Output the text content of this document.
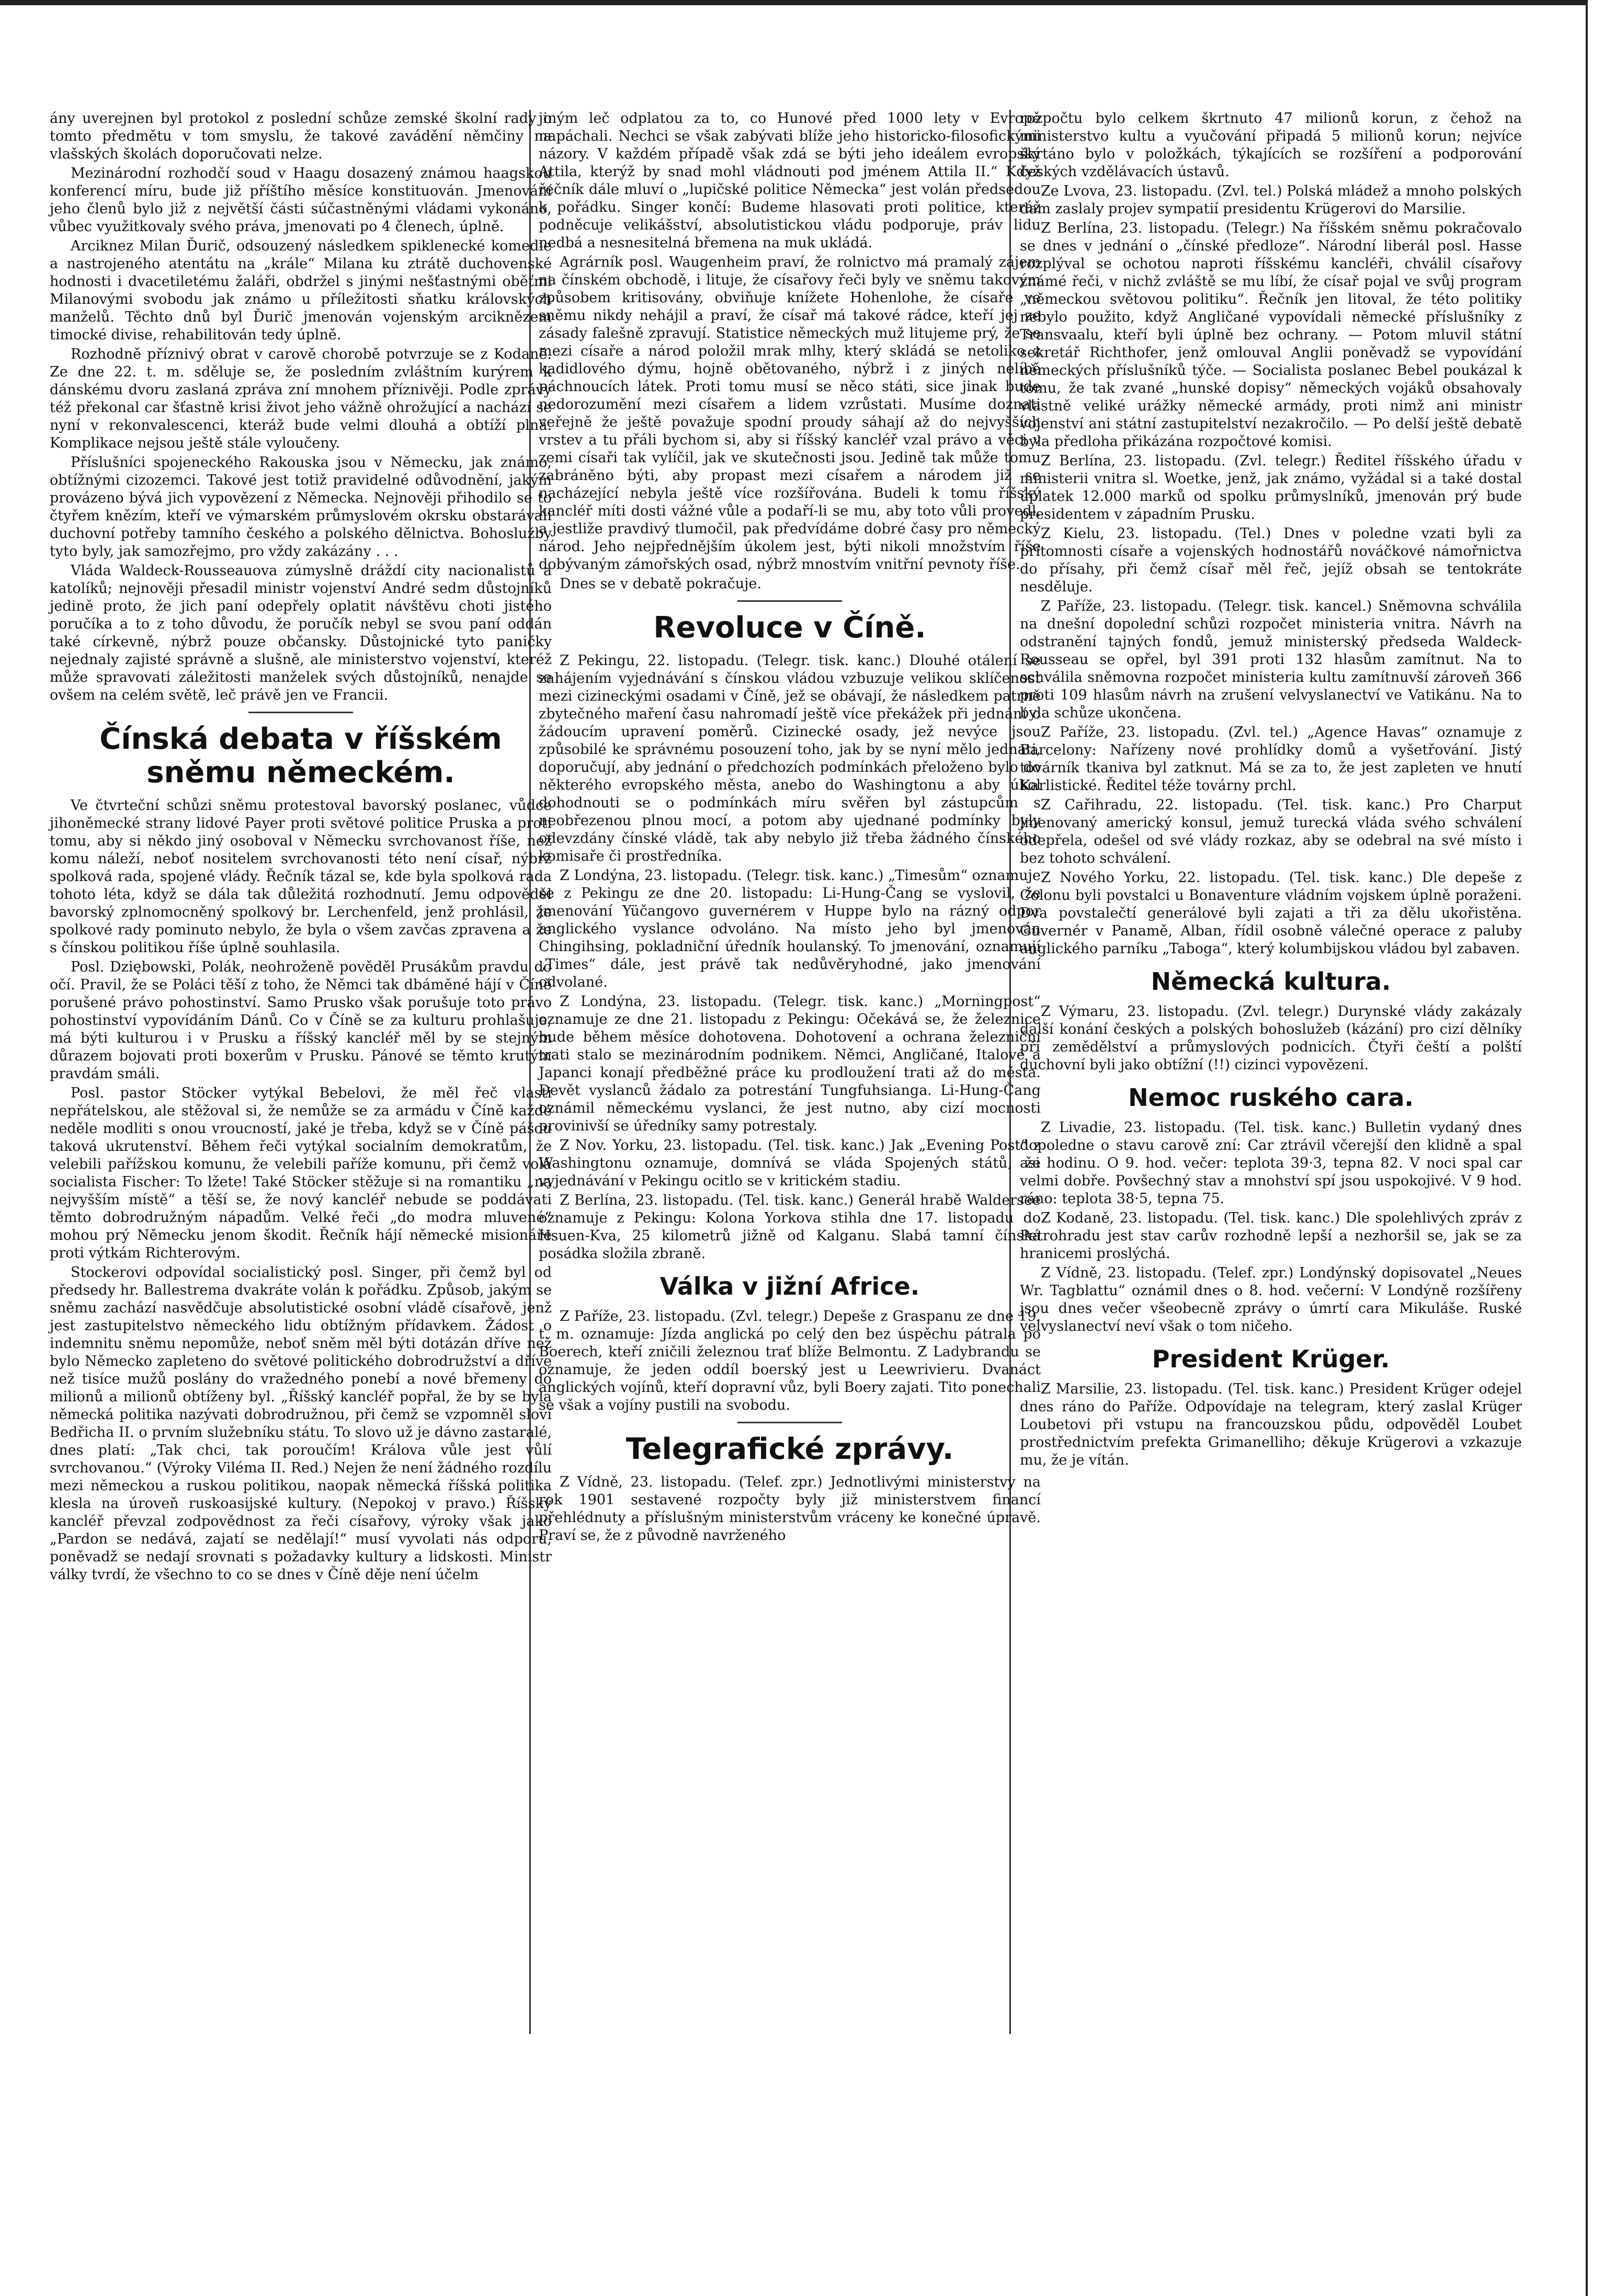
ány uverejnen byl protokol z poslední schůze zemské školní rady o tomto předmětu v tom smyslu, že takové zavádění němčiny na vlašských školách doporučovati nelze.

Mezinárodní rozhodčí soud v Haagu dosazený známou haagskou konferencí míru, bude již příštího měsíce konstituován. Jmenování jeho členů bylo již z největší části súčastněnými vládami vykonáno, vůbec využitkovaly svého práva, jmenovati po 4 členech, úplně.

Arciknez Milan Ďurič, odsouzený následkem spiklenecké komedie a nastrojeného atentátu na „krále“ Milana ku ztrátě duchovenské hodnosti i dvacetiletému žaláři, obdržel s jinými nešťastnými oběťmi Milanovými svobodu jak známo u příležitosti sňatku královských manželů. Těchto dnů byl Ďurič jmenován vojenským arciknězem timocké divise, rehabilitován tedy úplně.

Rozhodně příznivý obrat v carově chorobě potvrzuje se z Kodaně. Ze dne 22. t. m. sděluje se, že posledním zvláštním kurýrem k dánskému dvoru zaslaná zpráva zní mnohem příznivěji. Podle zprávy též překonal car šťastně krisi život jeho vážně ohrožující a nachází se nyní v rekonvalescenci, kteráž bude velmi dlouhá a obtíží plná. Komplikace nejsou ještě stále vyloučeny.

Příslušníci spojeneckého Rakouska jsou v Německu, jak známo, obtížnými cizozemci. Takové jest totiž pravidelné odůvodnění, jakým provázeno bývá jich vypovězení z Německa. Nejnověji přihodilo se to čtyřem knězím, kteří ve výmarském průmyslovém okrsku obstarávali duchovní potřeby tamního českého a polského dělnictva. Bohoslužby tyto byly, jak samozřejmo, pro vždy zakázány . . .

Vláda Waldeck-Rousseauova zúmyslně dráždí city nacionalistů a katolíků; nejnověji přesadil ministr vojenství André sedm důstojníků jedině proto, že jich paní odepřely oplatit návštěvu choti jistého poručíka a to z toho důvodu, že poručík nebyl se svou paní oddán také církevně, nýbrž pouze občansky. Důstojnické tyto paničky nejednaly zajisté správně a slušně, ale ministerstvo vojenství, kteréž může spravovati záležitosti manželek svých důstojníků, nenajde se ovšem na celém světě, leč právě jen ve Francii.

Čínská debata v říšském sněmu německém.

Ve čtvrteční schůzi sněmu protestoval bavorský poslanec, vůdce jihoněmecké strany lidové Payer proti světové politice Pruska a proti tomu, aby si někdo jiný osoboval v Německu svrchovanost říše, než komu náleží, neboť nositelem svrchovanosti této není císař, nýbrž spolková rada, spojené vlády. Řečník tázal se, kde byla spolková rada tohoto léta, když se dála tak důležitá rozhodnutí. Jemu odpověděl bavorský zplnomocněný spolkový br. Lerchenfeld, jenž prohlásil, že spolkové rady pominuto nebylo, že byla o všem zavčas zpravena a že s čínskou politikou říše úplně souhlasila.

Posl. Dziębowski, Polák, neohroženě pověděl Prusákům pravdu do očí. Pravil, že se Poláci těší z toho, že Němci tak dbáměné hájí v Číně porušené právo pohostinství. Samo Prusko však porušuje toto právo pohostinství vypovídáním Dánů. Co v Číně se za kulturu prohlašuje, má býti kulturou i v Prusku a říšský kancléř měl by se stejným důrazem bojovati proti boxerům v Prusku. Pánové se těmto krutým pravdám smáli.

Posl. pastor Stöcker vytýkal Bebelovi, že měl řeč vlasti nepřátelskou, ale stěžoval si, že nemůže se za armádu v Číně každé neděle modliti s onou vroucností, jaké je třeba, když se v Číně pášou taková ukrutenství. Během řeči vytýkal socialním demokratům, že velebili pařížskou komunu, že velebili paříže komunu, při čemž volá socialista Fischer: To lžete! Také Stöcker stěžuje si na romantiku „na nejvyšším místě“ a těší se, že nový kancléř nebude se poddávati těmto dobrodružným nápadům. Velké řeči „do modra mluvené“ mohou prý Německu jenom škodit. Řečník hájí německé misionáře proti výtkám Richterovým.

Stockerovi odpovídal socialistický posl. Singer, při čemž byl od předsedy hr. Ballestrema dvakráte volán k pořádku. Způsob, jakým se sněmu zachází nasvědčuje absolutistické osobní vládě císařově, jenž jest zastupitelstvo německého lidu obtížným přídavkem. Žádost o indemnitu sněmu nepomůže, neboť sněm měl býti dotázán dříve než bylo Německo zapleteno do světové politického dobrodružství a dříve než tisíce mužů poslány do vražedného ponebí a nové břemeny do milionů a milionů obtíženy byl. „Říšský kancléř popřal, že by se byla německá politika nazývati dobrodružnou, při čemž se vzpomněl sloví Bedřicha II. o prvním služebníku státu. To slovo už je dávno zastaralé, dnes platí: „Tak chci, tak poroučím! Králova vůle jest vůlí svrchovanou.“ (Výroky Viléma II. Red.) Nejen že není žádného rozdílu mezi německou a ruskou politikou, naopak německá říšská politika klesla na úroveň ruskoasijské kultury. (Nepokoj v pravo.) Říšský kancléř převzal zodpovědnost za řeči císařovy, výroky však jako „Pardon se nedává, zajatí se nedělají!“ musí vyvolati nás odporu, poněvadž se nedají srovnati s požadavky kultury a lidskosti. Ministr války tvrdí, že všechno to co se dnes v Číně děje není účelm

jiným leč odplatou za to, co Hunové před 1000 lety v Evropě napáchali. Nechci se však zabývati blíže jeho historicko-filosofickými názory. V každém případě však zdá se býti jeho ideálem evropský Attila, kterýž by snad mohl vládnouti pod jménem Attila II.“ Když řečník dále mluví o „lupičské politice Německa“ jest volán předsedou k pořádku. Singer končí: Budeme hlasovati proti politice, kteráž podněcuje velikášství, absolutistickou vládu podporuje, práv lidu nedbá a nesnesitelná břemena na muk ukládá.

Agrárník posl. Waugenheim praví, že rolnictvo má pramalý zájem na čínském obchodě, i lituje, že císařovy řeči byly ve sněmu takovým způsobem kritisovány, obviňuje knížete Hohenlohe, že císaře ve sněmu nikdy nehájil a praví, že císař má takové rádce, kteří jej ze zásady falešně zpravují. Statistice německých muž litujeme prý, že se mezi císaře a národ položil mrak mlhy, který skládá se netoliko z kadidlového dýmu, hojně obětovaného, nýbrž i z jiných nelíbě páchnoucích látek. Proti tomu musí se něco státi, sice jinak bude nedorozumění mezi císařem a lidem vzrůstati. Musíme doznati veřejně že ještě považuje spodní proudy sáhají až do nejvyšších vrstev a tu přáli bychom si, aby si říšský kancléř vzal právo a věci v zemi císaři tak vylíčil, jak ve skutečnosti jsou. Jedině tak může tomu zabráněno býti, aby propast mezi císařem a národem již se nacházející nebyla ještě více rozšířována. Budeli k tomu říšský kancléř míti dosti vážné vůle a podaří-li se mu, aby toto vůli provedl, a jestliže pravdivý tlumočil, pak předvídáme dobré časy pro německý národ. Jeho nejpřednějším úkolem jest, býti nikoli množstvím říše dobývaným zámořských osad, nýbrž mnostvím vnitřní pevnoty říše.

Dnes se v debatě pokračuje.

Revoluce v Číně.

Z Pekingu, 22. listopadu. (Telegr. tisk. kanc.) Dlouhé otálení se zahájením vyjednávání s čínskou vládou vzbuzuje velikou sklíčenost mezi cizineckými osadami v Číně, jež se obávají, že následkem patrně zbytečného maření času nahromadí ještě více překážek při jednání o žádoucím upravení poměrů. Cizinecké osady, jež nevýce jsou způsobilé ke správnému posouzení toho, jak by se nyní mělo jednati, doporučují, aby jednání o předchozích podmínkách přeloženo bylo do některého evropského města, anebo do Washingtonu a aby úkol dohodnouti se o podmínkách míru svěřen byl zástupcům s neobřezenou plnou mocí, a potom aby ujednané podmínky byly odevzdány čínské vládě, tak aby nebylo již třeba žádného čínského komisaře či prostředníka.

Z Londýna, 23. listopadu. (Telegr. tisk. kanc.) „Timesům“ oznamuje se z Pekingu ze dne 20. listopadu: Li-Hung-Čang se vyslovil, že jmenování Yüčangovo guvernérem v Huppe bylo na rázný odpor anglického vyslance odvoláno. Na místo jeho byl jmenován Chingihsing, pokladniční úředník houlanský. To jmenování, oznamují „Times“ dále, jest právě tak nedůvěryhodné, jako jmenování odvolané.

Z Londýna, 23. listopadu. (Telegr. tisk. kanc.) „Morningpost“ oznamuje ze dne 21. listopadu z Pekingu: Očekává se, že železnice bude během měsíce dohotovena. Dohotovení a ochrana železniční trati stalo se mezinárodním podnikem. Němci, Angličané, Italové a Japanci konají předběžné práce ku prodloužení trati až do města. Devět vyslanců žádalo za potrestání Tungfuhsianga. Li-Hung-Čang oznámil německému vyslanci, že jest nutno, aby cizí mocnosti provinivší se úředníky samy potrestaly.

Z Nov. Yorku, 23. listopadu. (Tel. tisk. kanc.) Jak „Evening Post“ z Washingtonu oznamuje, domnívá se vláda Spojených států, že vyjednávání v Pekingu ocitlo se v kritickém stadiu.

Z Berlína, 23. listopadu. (Tel. tisk. kanc.) Generál hrabě Waldersee oznamuje z Pekingu: Kolona Yorkova stihla dne 17. listopadu do Hsuen-Kva, 25 kilometrů jižně od Kalganu. Slabá tamní čínská posádka složila zbraně.

Válka v jižní Africe.

Z Paříže, 23. listopadu. (Zvl. telegr.) Depeše z Graspanu ze dne 19. t. m. oznamuje: Jízda anglická po celý den bez úspěchu pátrala po Boerech, kteří zničili železnou trať blíže Belmontu. Z Ladybrandu se oznamuje, že jeden oddíl boerský jest u Leewrivieru. Dvanáct anglických vojínů, kteří dopravní vůz, byli Boery zajati. Tito ponechali se však a vojíny pustili na svobodu.

Telegrafické zprávy.

Z Vídně, 23. listopadu. (Telef. zpr.) Jednotlivými ministerstvy na rok 1901 sestavené rozpočty byly již ministerstvem financí přehlédnuty a příslušným ministerstvům vráceny ke konečné úpravě. Praví se, že z původně navrženého

rozpočtu bylo celkem škrtnuto 47 milionů korun, z čehož na ministerstvo kultu a vyučování připadá 5 milionů korun; nejvíce škrtáno bylo v položkách, týkajících se rozšíření a podporování českých vzdělávacích ústavů.

Ze Lvova, 23. listopadu. (Zvl. tel.) Polská mládež a mnoho polských dam zaslaly projev sympatií presidentu Krügerovi do Marsilie.

Z Berlína, 23. listopadu. (Telegr.) Na říšském sněmu pokračovalo se dnes v jednání o „čínské předloze“. Národní liberál posl. Hasse rozplýval se ochotou naproti říšskému kancléři, chválil císařovy známé řeči, v nichž zvláště se mu líbí, že císař pojal ve svůj program „německou světovou politiku“. Řečník jen litoval, že této politiky nebylo použito, když Angličané vypovídali německé příslušníky z Transvaalu, kteří byli úplně bez ochrany. — Potom mluvil státní sekretář Richthofer, jenž omlouval Anglii poněvadž se vypovídání německých příslušníků týče. — Socialista poslanec Bebel poukázal k tomu, že tak zvané „hunské dopisy“ německých vojáků obsahovaly vlastně veliké urážky německé armády, proti nimž ani ministr vojenství ani státní zastupitelství nezakročilo. — Po delší ještě debatě byla předloha přikázána rozpočtové komisi.

Z Berlína, 23. listopadu. (Zvl. telegr.) Ředitel říšského úřadu v ministerii vnitra sl. Woetke, jenž, jak známo, vyžádal si a také dostal úplatek 12.000 marků od spolku průmyslníků, jmenován prý bude presidentem v západním Prusku.

Z Kielu, 23. listopadu. (Tel.) Dnes v poledne vzati byli za přítomnosti císaře a vojenských hodnostářů nováčkové námořnictva do přísahy, při čemž císař měl řeč, jejíž obsah se tentokráte nesděluje.

Z Paříže, 23. listopadu. (Telegr. tisk. kancel.) Sněmovna schválila na dnešní dopolední schůzi rozpočet ministeria vnitra. Návrh na odstranění tajných fondů, jemuž ministerský předseda Waldeck-Rousseau se opřel, byl 391 proti 132 hlasům zamítnut. Na to schválila sněmovna rozpočet ministeria kultu zamítnuvší zároveň 366 proti 109 hlasům návrh na zrušení velvyslanectví ve Vatikánu. Na to byla schůze ukončena.

Z Paříže, 23. listopadu. (Zvl. tel.) „Agence Havas“ oznamuje z Barcelony: Nařízeny nové prohlídky domů a vyšetřování. Jistý továrník tkaniva byl zatknut. Má se za to, že jest zapleten ve hnutí Karlistické. Ředitel téže továrny prchl.

Z Cařihradu, 22. listopadu. (Tel. tisk. kanc.) Pro Charput jmenovaný americký konsul, jemuž turecká vláda svého schválení odepřela, odešel od své vlády rozkaz, aby se odebral na své místo i bez tohoto schválení.

Z Nového Yorku, 22. listopadu. (Tel. tisk. kanc.) Dle depeše z Colonu byli povstalci u Bonaventure vládním vojskem úplně poraženi. Dva povstalečtí generálové byli zajati a tři za dělu ukořistěna. Guvernér v Panamě, Alban, řídil osobně válečné operace z paluby anglického parníku „Taboga“, který kolumbijskou vládou byl zabaven.

Německá kultura.

Z Výmaru, 23. listopadu. (Zvl. telegr.) Durynské vlády zakázaly další konání českých a polských bohoslužeb (kázání) pro cizí dělníky při zemědělství a průmyslových podnicích. Čtyři čeští a polští duchovní byli jako obtížní (!!) cizinci vypovězeni.

Nemoc ruského cara.

Z Livadie, 23. listopadu. (Tel. tisk. kanc.) Bulletin vydaný dnes dopoledne o stavu carově zní: Car ztrávil včerejší den klidně a spal asi hodinu. O 9. hod. večer: teplota 39·3, tepna 82. V noci spal car velmi dobře. Povšechný stav a mnohství spí jsou uspokojivé. V 9 hod. ráno: teplota 38·5, tepna 75.

Z Kodaně, 23. listopadu. (Tel. tisk. kanc.) Dle spolehlivých zpráv z Petrohradu jest stav carův rozhodně lepší a nezhoršil se, jak se za hranicemi proslýchá.

Z Vídně, 23. listopadu. (Telef. zpr.) Londýnský dopisovatel „Neues Wr. Tagblattu“ oznámil dnes o 8. hod. večerní: V Londýně rozšířeny jsou dnes večer všeobecně zprávy o úmrtí cara Mikuláše. Ruské velvyslanectví neví však o tom ničeho.

President Krüger.

Z Marsilie, 23. listopadu. (Tel. tisk. kanc.) President Krüger odejel dnes ráno do Paříže. Odpovídaje na telegram, který zaslal Krüger Loubetovi při vstupu na francouzskou půdu, odpověděl Loubet prostřednictvím prefekta Grimanelliho; děkuje Krügerovi a vzkazuje mu, že je vítán.
